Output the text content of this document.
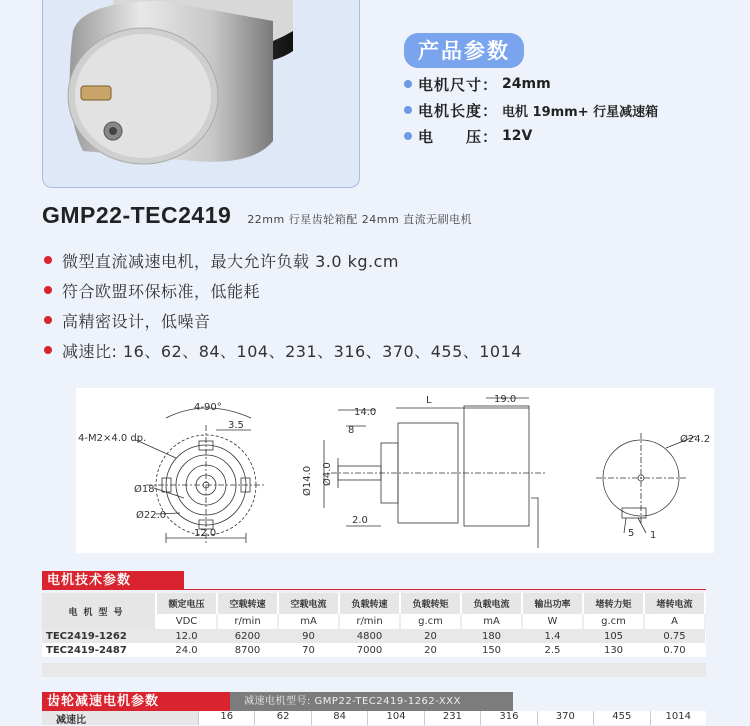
产品参数
电机尺寸： 24mm
电机长度： 电机 19mm+ 行星减速箱
电　　压： 12V
GMP22-TEC2419 22mm 行星齿轮箱配 24mm 直流无刷电机
微型直流减速电机，最大允许负载 3.0 kg.cm
符合欧盟环保标准，低能耗
高精密设计，低噪音
减速比: 16、62、84、104、231、316、370、455、1014
4-90°
4-M2×4.0 dp.
3.5
Ø18
Ø22.0
12.0
14.0
8
Ø14.0 Ø4.0
2.0
L	19.0
Ø24.2
5 1
电机技术参数
电机型号	额定电压	空载转速	空载电流	负载转速	负载转矩	负载电流	输出功率	堵转力矩	堵转电流
	VDC	r/min	mA	r/min	g.cm	mA	W	g.cm	A
TEC2419-1262	12.0	6200	90	4800	20	180	1.4	105	0.75
TEC2419-2487	24.0	8700	70	7000	20	150	2.5	130	0.70
齿轮减速电机参数	减速电机型号: GMP22-TEC2419-1262-XXX
减速比	16	62	84	104	231	316	370	455	1014
